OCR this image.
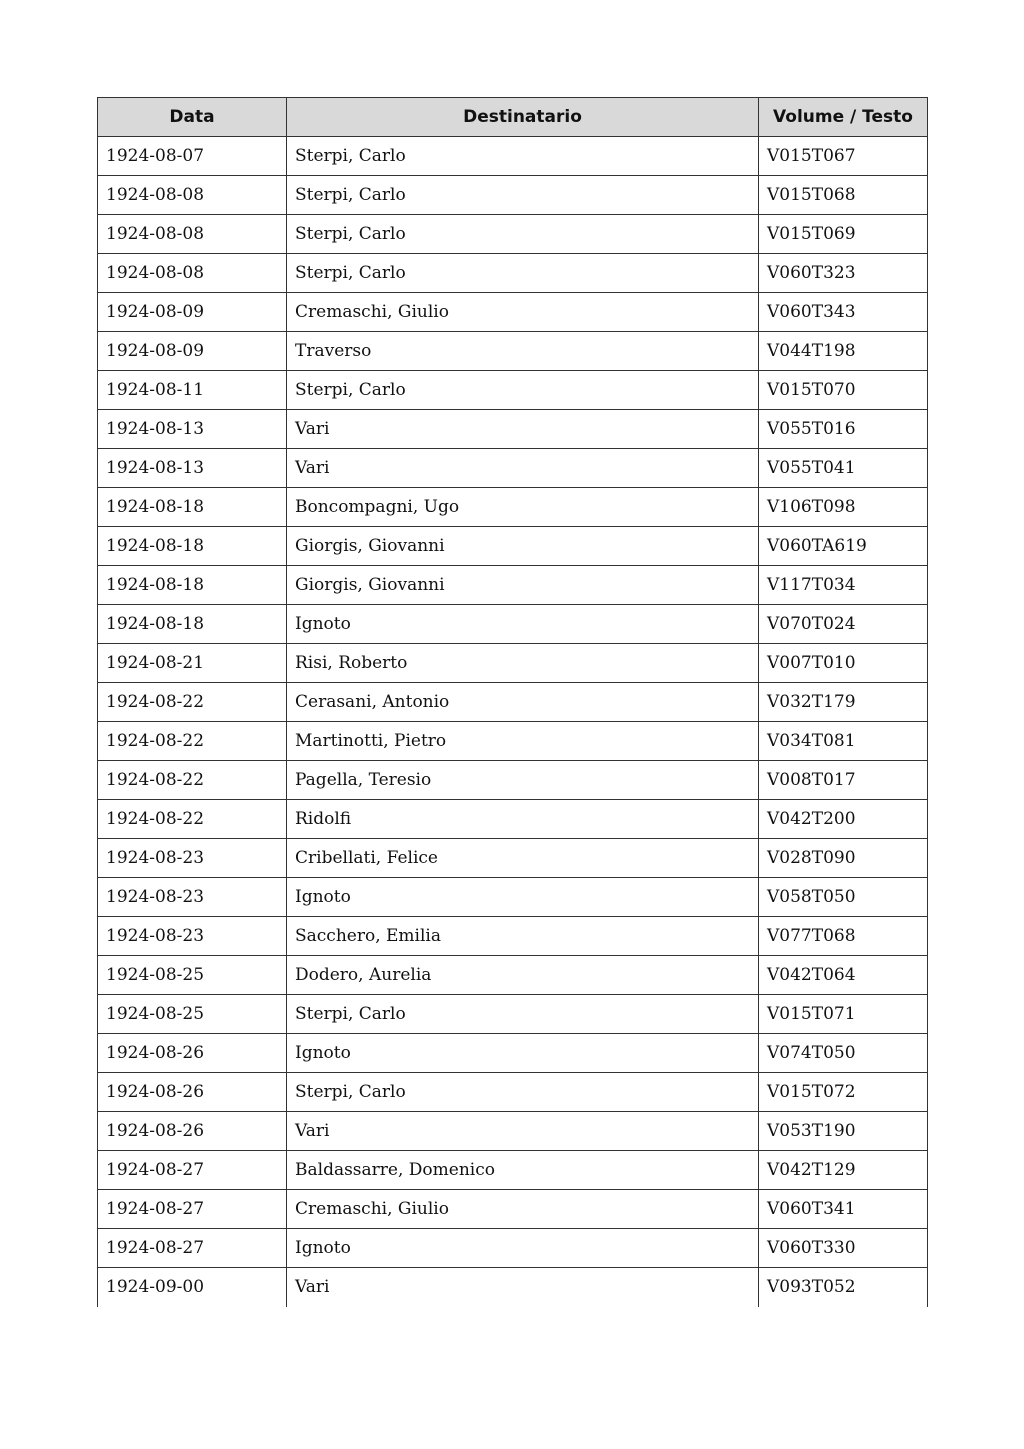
Data	Destinatario	Volume / Testo
1924-08-07	Sterpi, Carlo	V015T067
1924-08-08	Sterpi, Carlo	V015T068
1924-08-08	Sterpi, Carlo	V015T069
1924-08-08	Sterpi, Carlo	V060T323
1924-08-09	Cremaschi, Giulio	V060T343
1924-08-09	Traverso	V044T198
1924-08-11	Sterpi, Carlo	V015T070
1924-08-13	Vari	V055T016
1924-08-13	Vari	V055T041
1924-08-18	Boncompagni, Ugo	V106T098
1924-08-18	Giorgis, Giovanni	V060TA619
1924-08-18	Giorgis, Giovanni	V117T034
1924-08-18	Ignoto	V070T024
1924-08-21	Risi, Roberto	V007T010
1924-08-22	Cerasani, Antonio	V032T179
1924-08-22	Martinotti, Pietro	V034T081
1924-08-22	Pagella, Teresio	V008T017
1924-08-22	Ridolfi	V042T200
1924-08-23	Cribellati, Felice	V028T090
1924-08-23	Ignoto	V058T050
1924-08-23	Sacchero, Emilia	V077T068
1924-08-25	Dodero, Aurelia	V042T064
1924-08-25	Sterpi, Carlo	V015T071
1924-08-26	Ignoto	V074T050
1924-08-26	Sterpi, Carlo	V015T072
1924-08-26	Vari	V053T190
1924-08-27	Baldassarre, Domenico	V042T129
1924-08-27	Cremaschi, Giulio	V060T341
1924-08-27	Ignoto	V060T330
1924-09-00	Vari	V093T052
